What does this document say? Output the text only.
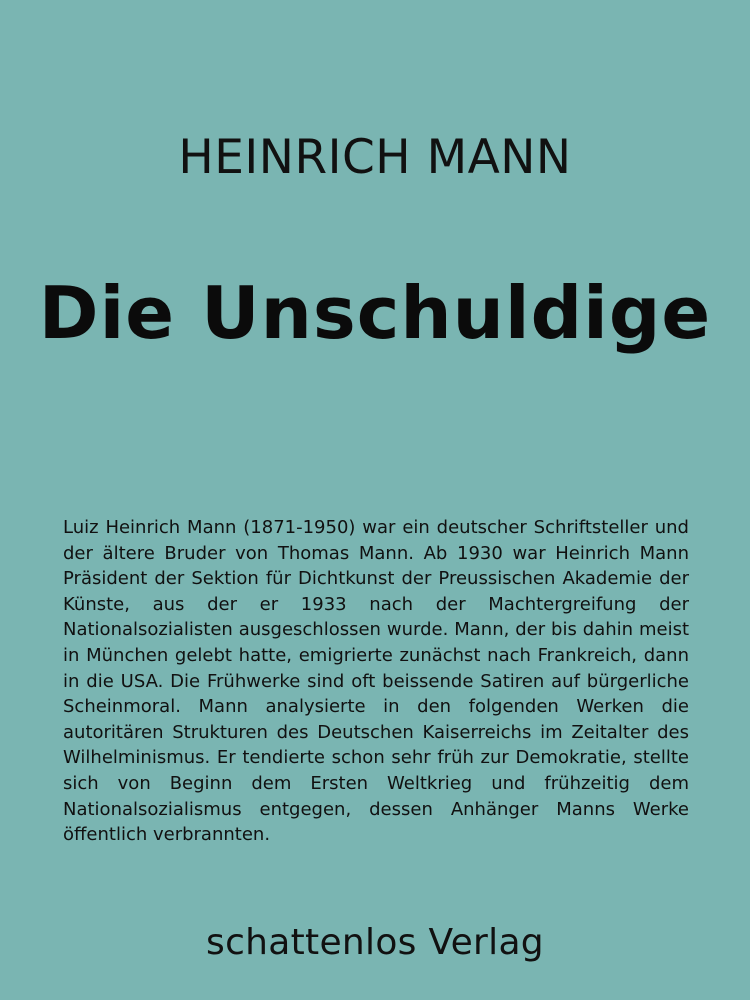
HEINRICH MANN
Die Unschuldige

Luiz Heinrich Mann (1871-1950) war ein deutscher Schriftsteller und der ältere Bruder von Thomas Mann. Ab 1930 war Heinrich Mann Präsident der Sektion für Dichtkunst der Preussischen Akademie der Künste, aus der er 1933 nach der Machtergreifung der Nationalsozialisten ausgeschlossen wurde. Mann, der bis dahin meist in München gelebt hatte, emigrierte zunächst nach Frankreich, dann in die USA. Die Frühwerke sind oft beissende Satiren auf bürgerliche Scheinmoral. Mann analysierte in den folgenden Werken die autoritären Strukturen des Deutschen Kaiserreichs im Zeitalter des Wilhelminismus. Er tendierte schon sehr früh zur Demokratie, stellte sich von Beginn dem Ersten Weltkrieg und frühzeitig dem Nationalsozialismus entgegen, dessen Anhänger Manns Werke öffentlich verbrannten.

schattenlos Verlag
